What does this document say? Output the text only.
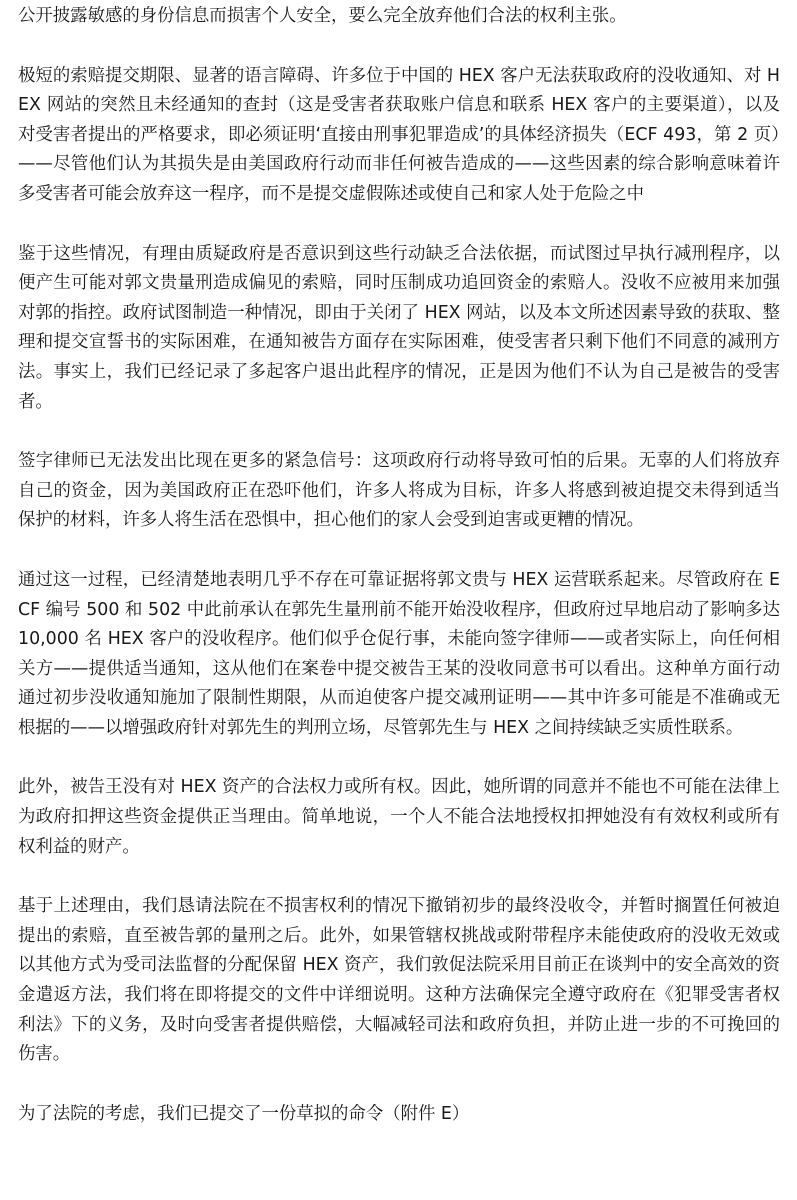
公开披露敏感的身份信息而损害个人安全，要么完全放弃他们合法的权利主张。

极短的索赔提交期限、显著的语言障碍、许多位于中国的 HEX 客户无法获取政府的没收通知、对 HEX 网站的突然且未经通知的查封（这是受害者获取账户信息和联系 HEX 客户的主要渠道），以及对受害者提出的严格要求，即必须证明‘直接由刑事犯罪造成’的具体经济损失（ECF 493，第 2 页）——尽管他们认为其损失是由美国政府行动而非任何被告造成的——这些因素的综合影响意味着许多受害者可能会放弃这一程序，而不是提交虚假陈述或使自己和家人处于危险之中

鉴于这些情况，有理由质疑政府是否意识到这些行动缺乏合法依据，而试图过早执行减刑程序，以便产生可能对郭文贵量刑造成偏见的索赔，同时压制成功追回资金的索赔人。没收不应被用来加强对郭的指控。政府试图制造一种情况，即由于关闭了 HEX 网站，以及本文所述因素导致的获取、整理和提交宣誓书的实际困难，在通知被告方面存在实际困难，使受害者只剩下他们不同意的减刑方法。事实上，我们已经记录了多起客户退出此程序的情况，正是因为他们不认为自己是被告的受害者。

签字律师已无法发出比现在更多的紧急信号：这项政府行动将导致可怕的后果。无辜的人们将放弃自己的资金，因为美国政府正在恐吓他们，许多人将成为目标，许多人将感到被迫提交未得到适当保护的材料，许多人将生活在恐惧中，担心他们的家人会受到迫害或更糟的情况。

通过这一过程，已经清楚地表明几乎不存在可靠证据将郭文贵与 HEX 运营联系起来。尽管政府在 ECF 编号 500 和 502 中此前承认在郭先生量刑前不能开始没收程序，但政府过早地启动了影响多达 10,000 名 HEX 客户的没收程序。他们似乎仓促行事，未能向签字律师——或者实际上，向任何相关方——提供适当通知，这从他们在案卷中提交被告王某的没收同意书可以看出。这种单方面行动通过初步没收通知施加了限制性期限，从而迫使客户提交减刑证明——其中许多可能是不准确或无根据的——以增强政府针对郭先生的判刑立场，尽管郭先生与 HEX 之间持续缺乏实质性联系。

此外，被告王没有对 HEX 资产的合法权力或所有权。因此，她所谓的同意并不能也不可能在法律上为政府扣押这些资金提供正当理由。简单地说，一个人不能合法地授权扣押她没有有效权利或所有权利益的财产。

基于上述理由，我们恳请法院在不损害权利的情况下撤销初步的最终没收令，并暂时搁置任何被迫提出的索赔，直至被告郭的量刑之后。此外，如果管辖权挑战或附带程序未能使政府的没收无效或以其他方式为受司法监督的分配保留 HEX 资产，我们敦促法院采用目前正在谈判中的安全高效的资金遣返方法，我们将在即将提交的文件中详细说明。这种方法确保完全遵守政府在《犯罪受害者权利法》下的义务，及时向受害者提供赔偿，大幅减轻司法和政府负担，并防止进一步的不可挽回的伤害。

为了法院的考虑，我们已提交了一份草拟的命令（附件 E）
